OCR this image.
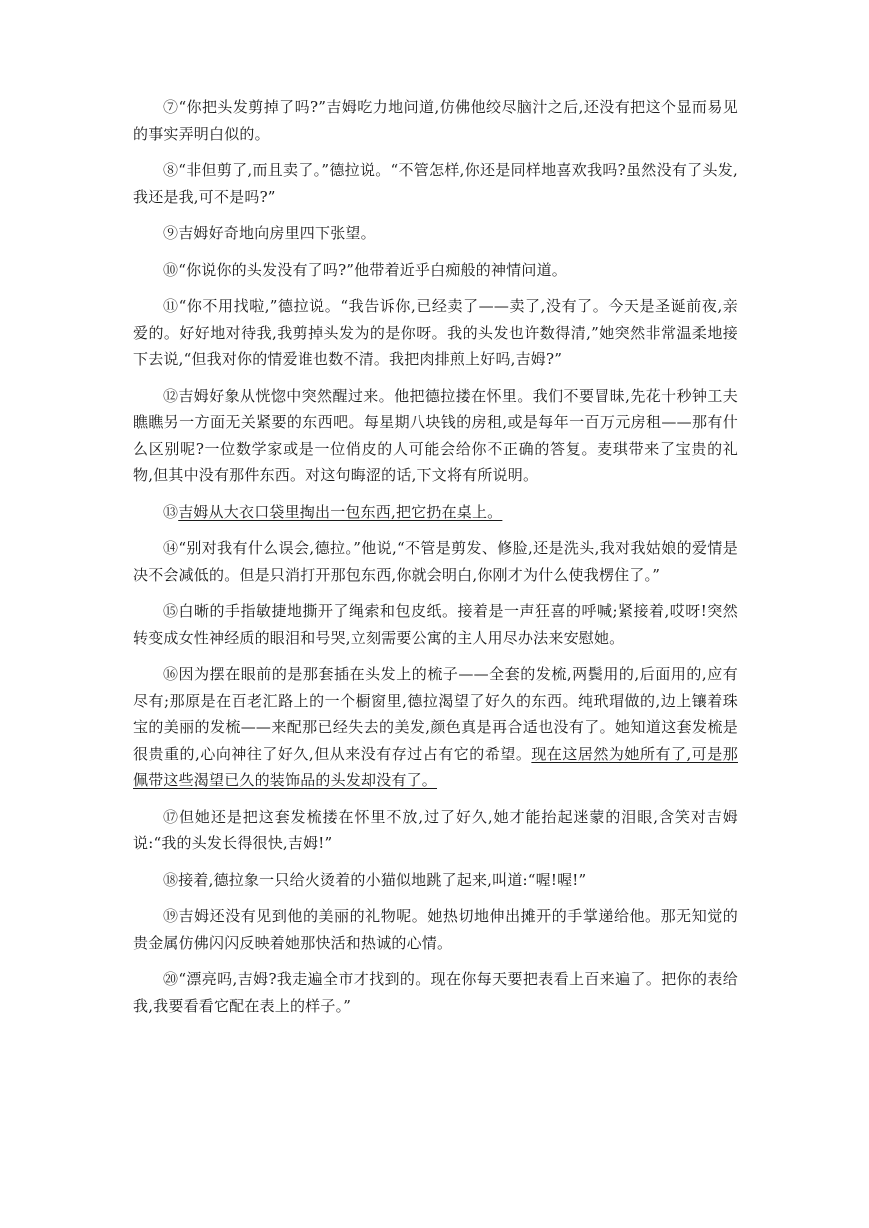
⑦“你把头发剪掉了吗?”吉姆吃力地问道,仿佛他绞尽脑汁之后,还没有把这个显而易见的事实弄明白似的。

⑧“非但剪了,而且卖了。”德拉说。“不管怎样,你还是同样地喜欢我吗?虽然没有了头发,我还是我,可不是吗?”

⑨吉姆好奇地向房里四下张望。

⑩“你说你的头发没有了吗?”他带着近乎白痴般的神情问道。

⑪“你不用找啦,”德拉说。“我告诉你,已经卖了——卖了,没有了。今天是圣诞前夜,亲爱的。好好地对待我,我剪掉头发为的是你呀。我的头发也许数得清,”她突然非常温柔地接下去说,“但我对你的情爱谁也数不清。我把肉排煎上好吗,吉姆?”

⑫吉姆好象从恍惚中突然醒过来。他把德拉搂在怀里。我们不要冒昧,先花十秒钟工夫瞧瞧另一方面无关紧要的东西吧。每星期八块钱的房租,或是每年一百万元房租——那有什么区别呢?一位数学家或是一位俏皮的人可能会给你不正确的答复。麦琪带来了宝贵的礼物,但其中没有那件东西。对这句晦涩的话,下文将有所说明。

⑬吉姆从大衣口袋里掏出一包东西,把它扔在桌上。

⑭“别对我有什么误会,德拉。”他说,“不管是剪发、修脸,还是洗头,我对我姑娘的爱情是决不会减低的。但是只消打开那包东西,你就会明白,你刚才为什么使我楞住了。”

⑮白晰的手指敏捷地撕开了绳索和包皮纸。接着是一声狂喜的呼喊;紧接着,哎呀!突然转变成女性神经质的眼泪和号哭,立刻需要公寓的主人用尽办法来安慰她。

⑯因为摆在眼前的是那套插在头发上的梳子——全套的发梳,两鬓用的,后面用的,应有尽有;那原是在百老汇路上的一个橱窗里,德拉渴望了好久的东西。纯玳瑁做的,边上镶着珠宝的美丽的发梳——来配那已经失去的美发,颜色真是再合适也没有了。她知道这套发梳是很贵重的,心向神往了好久,但从来没有存过占有它的希望。现在这居然为她所有了,可是那佩带这些渴望已久的装饰品的头发却没有了。

⑰但她还是把这套发梳搂在怀里不放,过了好久,她才能抬起迷蒙的泪眼,含笑对吉姆说:“我的头发长得很快,吉姆!”

⑱接着,德拉象一只给火烫着的小猫似地跳了起来,叫道:“喔!喔!”

⑲吉姆还没有见到他的美丽的礼物呢。她热切地伸出摊开的手掌递给他。那无知觉的贵金属仿佛闪闪反映着她那快活和热诚的心情。

⑳“漂亮吗,吉姆?我走遍全市才找到的。现在你每天要把表看上百来遍了。把你的表给我,我要看看它配在表上的样子。”
